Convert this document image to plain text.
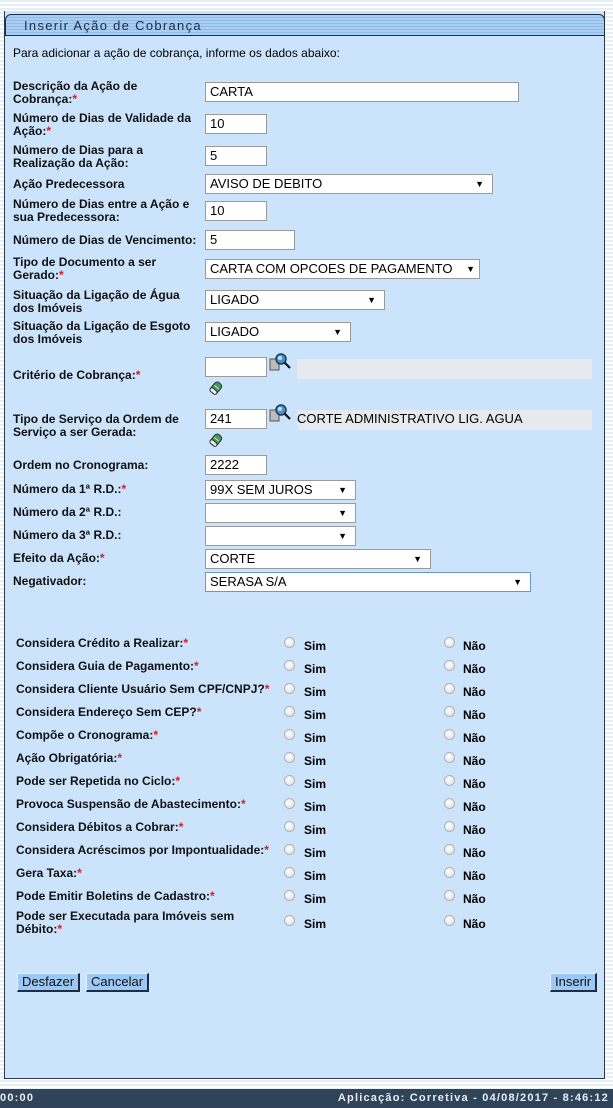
Inserir Ação de Cobrança
Para adicionar a ação de cobrança, informe os dados abaixo:
Descrição da Ação de
Cobrança:*	CARTA
Número de Dias de Validade da
Ação:*	10
Número de Dias para a
Realização da Ação:	5
Ação Predecessora	AVISO DE DEBITO	▼
Número de Dias entre a Ação e
sua Predecessora:	10
Número de Dias de Vencimento:	5
Tipo de Documento a ser
Gerado:*	CARTA COM OPCOES DE PAGAMENTO ▼
Situação da Ligação de Água
dos Imóveis
LIGADO	▼
Situação da Ligação de Esgoto
dos Imóveis	LIGADO	▼
Critério de Cobrança:*
Tipo de Serviço da Ordem de
Serviço a ser Gerada:
241	CORTE ADMINISTRATIVO LIG. AGUA
Ordem no Cronograma:	2222
Número da 1ª R.D.:*	99X SEM JUROS	▼
Número da 2ª R.D.:	▼
Número da 3ª R.D.:	▼
Efeito da Ação:*	CORTE	▼
Negativador:	SERASA S/A	▼
Considera Crédito a Realizar:*	Sim	Não
Considera Guia de Pagamento:*	Sim	Não
Considera Cliente Usuário Sem CPF/CNPJ?*	Sim	Não
Considera Endereço Sem CEP?*	Sim	Não
Compõe o Cronograma:*	Sim	Não
Ação Obrigatória:*	Sim	Não
Pode ser Repetida no Ciclo:*	Sim	Não
Provoca Suspensão de Abastecimento:*	Sim	Não
Considera Débitos a Cobrar:*	Sim	Não
Considera Acréscimos por Impontualidade:*	Sim	Não
Gera Taxa:*	Sim	Não
Pode Emitir Boletins de Cadastro:*	Sim	Não
Pode ser Executada para Imóveis sem
Débito:*	Sim	Não
Desfazer	Cancelar	Inserir
00:00	Aplicação: Corretiva - 04/08/2017 - 8:46:12
